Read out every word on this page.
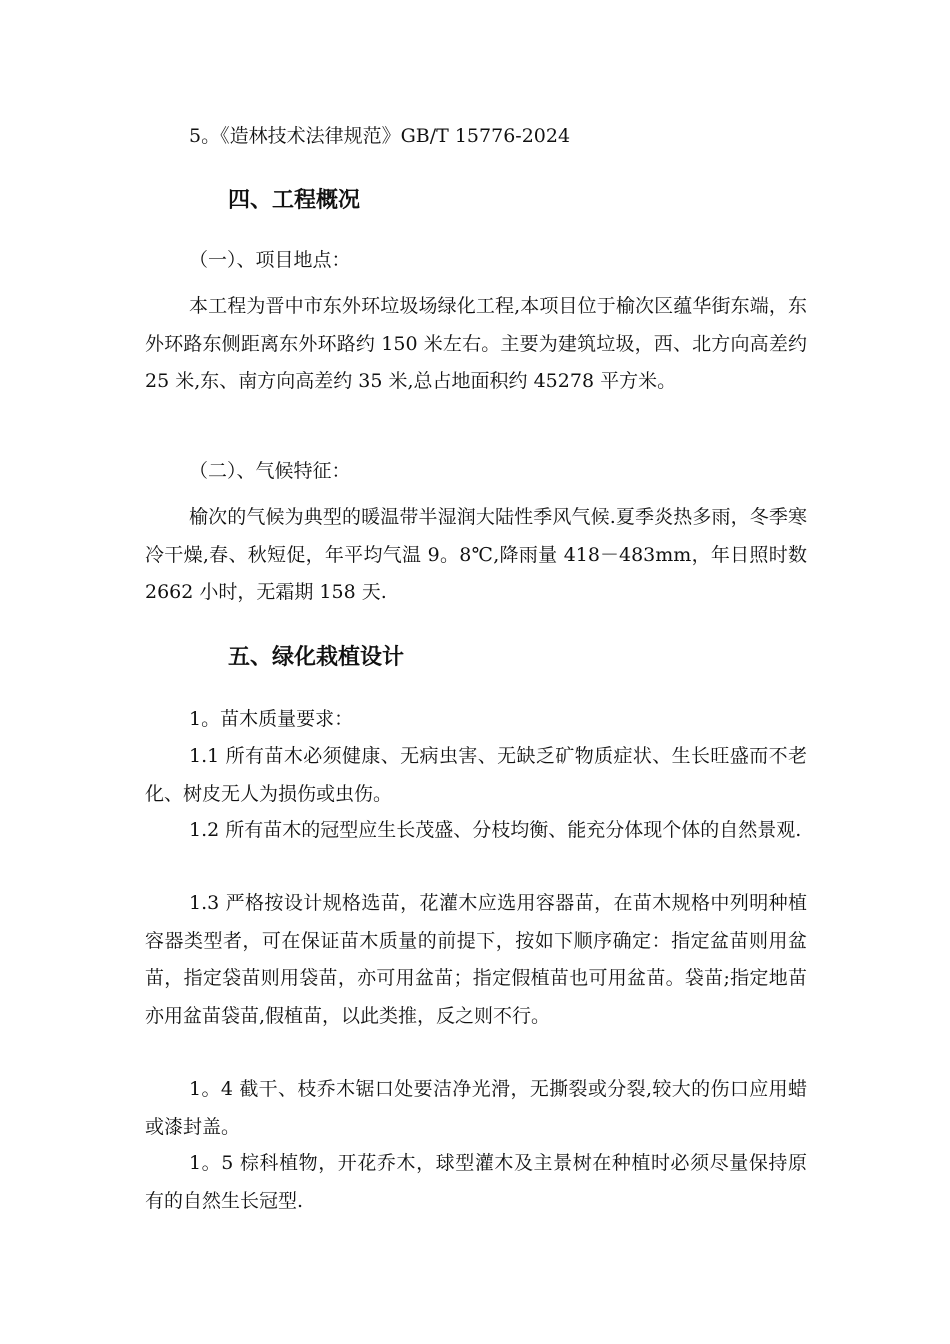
5。《造林技术法律规范》GB/T 15776-2024

四、工程概况

（一）、项目地点：

本工程为晋中市东外环垃圾场绿化工程,本项目位于榆次区蕴华街东端，东外环路东侧距离东外环路约 150 米左右。主要为建筑垃圾，西、北方向高差约 25 米,东、南方向高差约 35 米,总占地面积约 45278 平方米。

（二）、气候特征：

榆次的气候为典型的暖温带半湿润大陆性季风气候.夏季炎热多雨，冬季寒冷干燥,春、秋短促，年平均气温 9。8℃,降雨量 418－483mm，年日照时数 2662 小时，无霜期 158 天.

五、绿化栽植设计

1。苗木质量要求：

1.1 所有苗木必须健康、无病虫害、无缺乏矿物质症状、生长旺盛而不老化、树皮无人为损伤或虫伤。

1.2 所有苗木的冠型应生长茂盛、分枝均衡、能充分体现个体的自然景观.

1.3 严格按设计规格选苗，花灌木应选用容器苗，在苗木规格中列明种植容器类型者，可在保证苗木质量的前提下，按如下顺序确定：指定盆苗则用盆苗，指定袋苗则用袋苗，亦可用盆苗；指定假植苗也可用盆苗。袋苗;指定地苗亦用盆苗袋苗,假植苗，以此类推，反之则不行。

1。4 截干、枝乔木锯口处要洁净光滑，无撕裂或分裂,较大的伤口应用蜡或漆封盖。

1。5 棕科植物，开花乔木，球型灌木及主景树在种植时必须尽量保持原有的自然生长冠型.
